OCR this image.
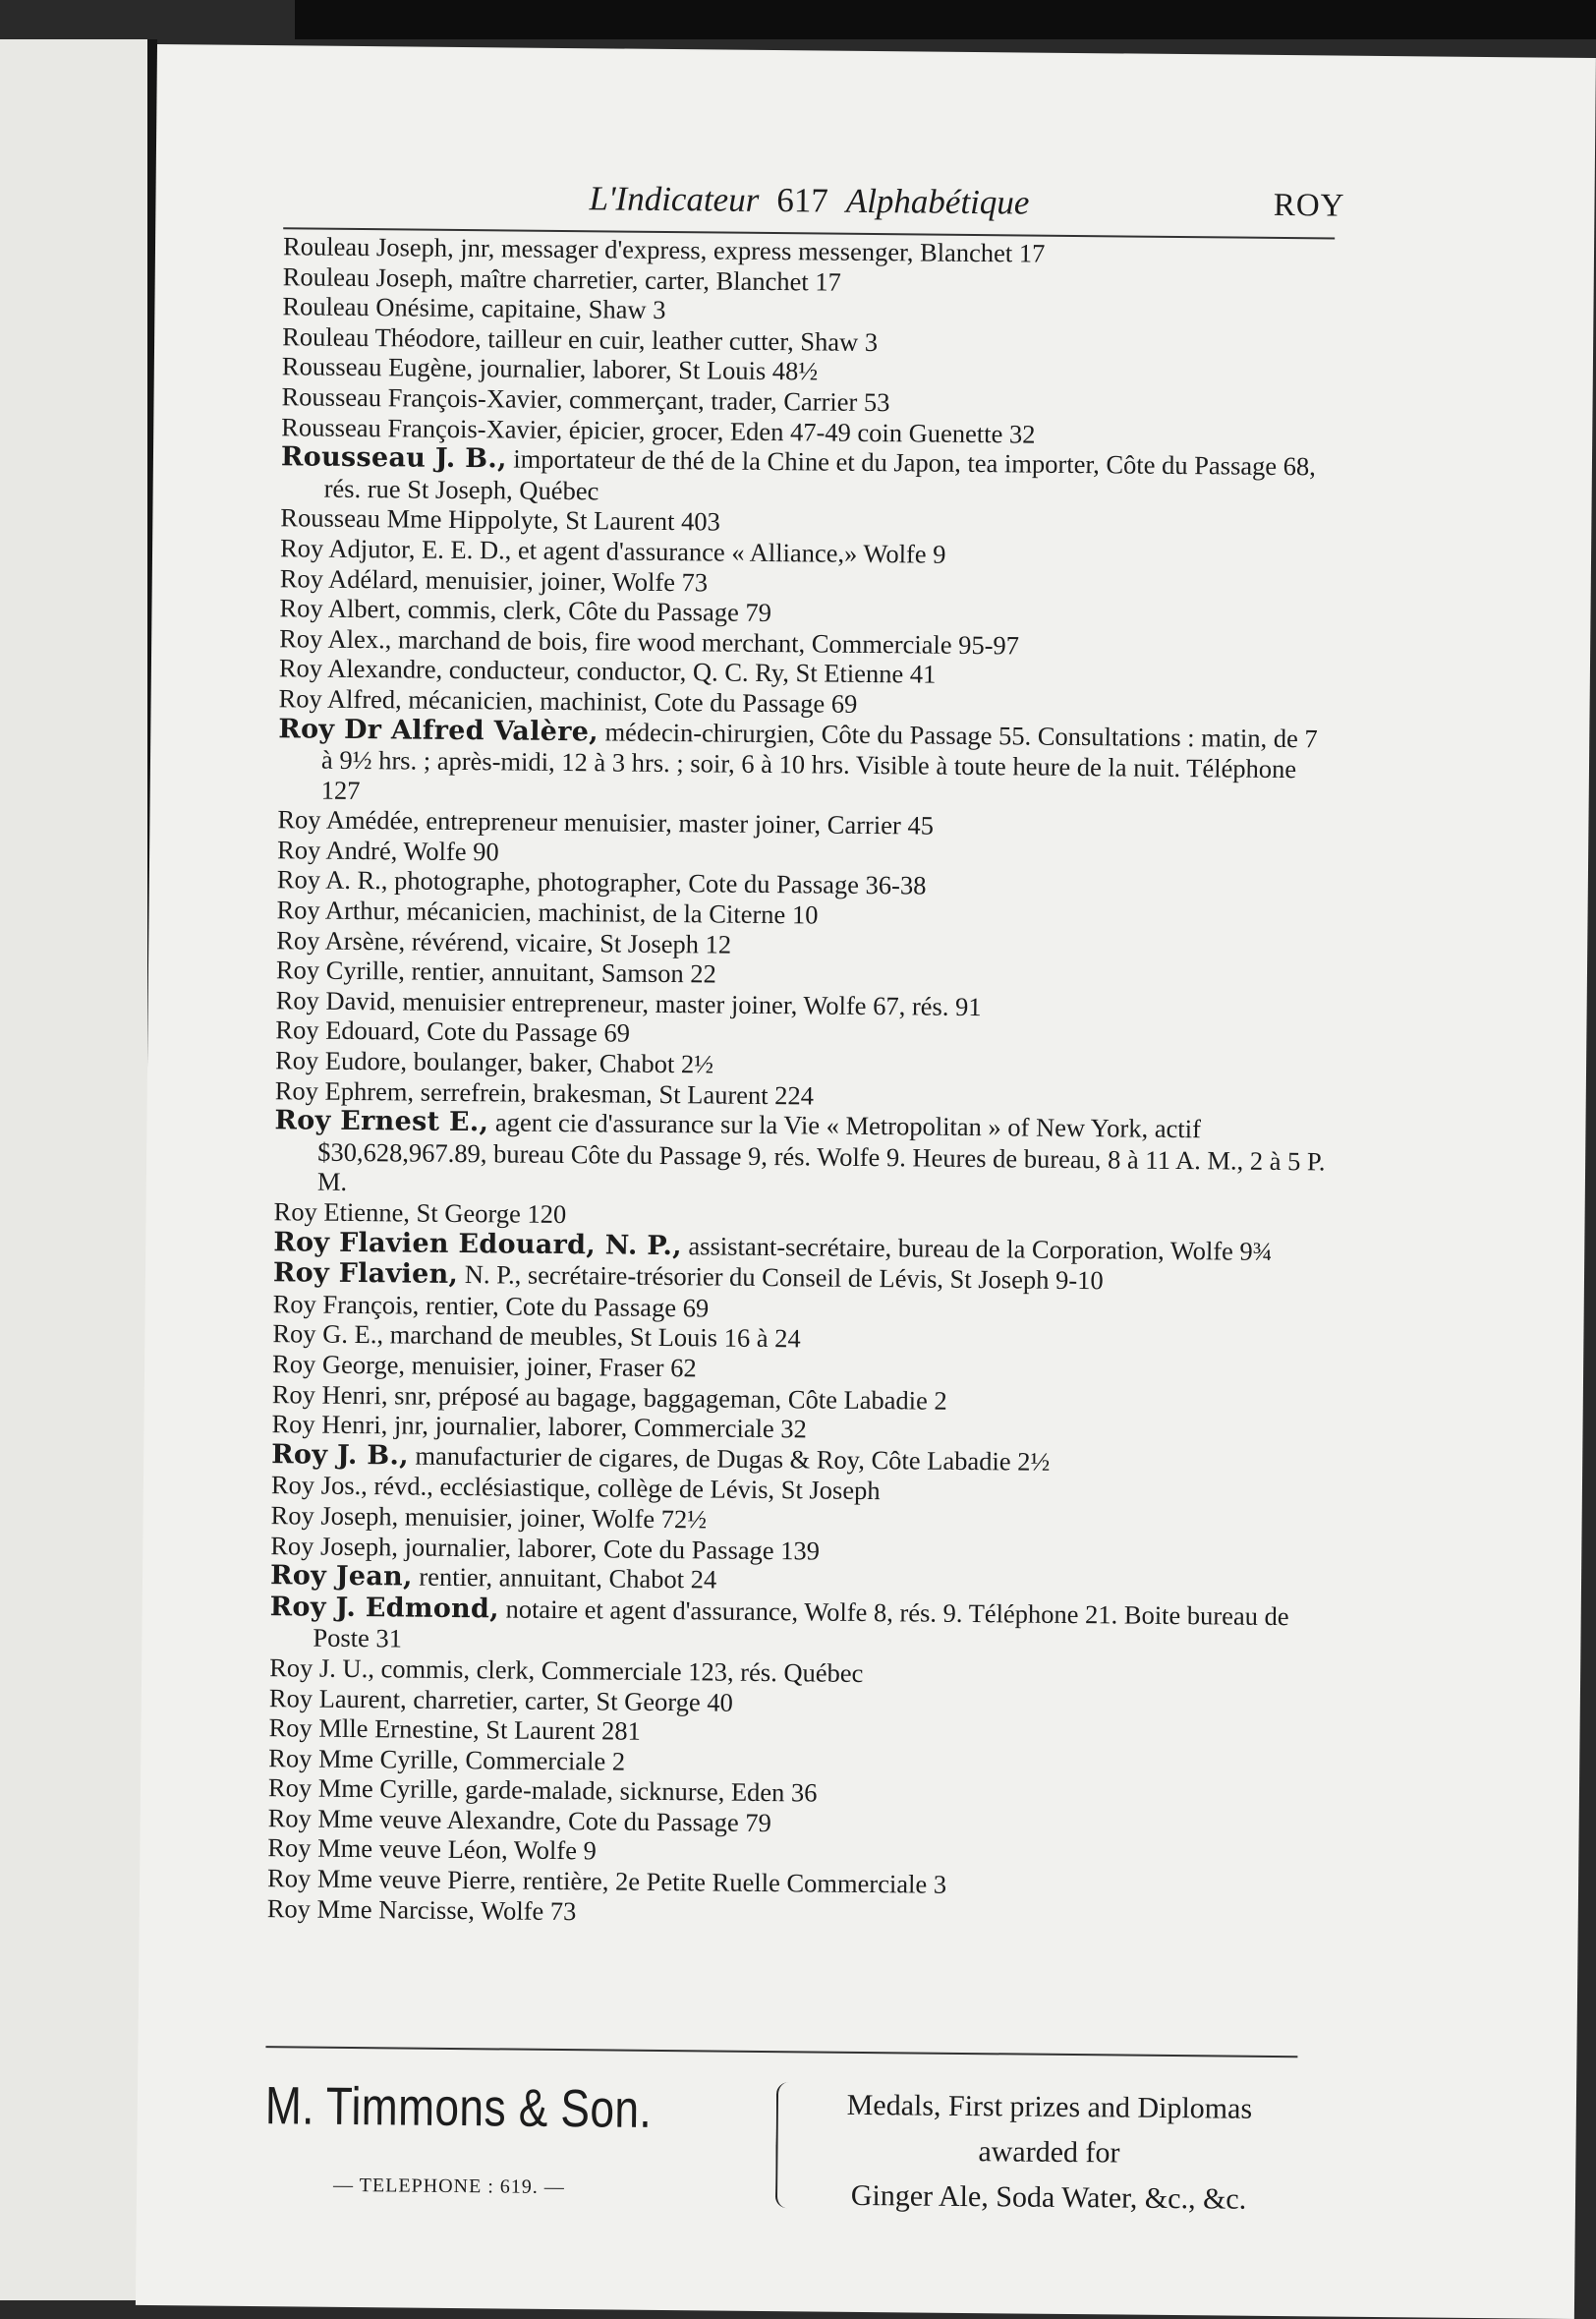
L'Indicateur 617 Alphabétique	ROY
Rouleau Joseph, jnr, messager d'express, express messenger, Blanchet 17
Rouleau Joseph, maître charretier, carter, Blanchet 17
Rouleau Onésime, capitaine, Shaw 3
Rouleau Théodore, tailleur en cuir, leather cutter, Shaw 3
Rousseau Eugène, journalier, laborer, St Louis 48½
Rousseau François-Xavier, commerçant, trader, Carrier 53
Rousseau François-Xavier, épicier, grocer, Eden 47-49 coin Guenette 32
Rousseau J. B., importateur de thé de la Chine et du Japon, tea importer, Côte du Passage 68, rés. rue St Joseph, Québec
Rousseau Mme Hippolyte, St Laurent 403
Roy Adjutor, E. E. D., et agent d'assurance « Alliance,» Wolfe 9
Roy Adélard, menuisier, joiner, Wolfe 73
Roy Albert, commis, clerk, Côte du Passage 79
Roy Alex., marchand de bois, fire wood merchant, Commerciale 95-97
Roy Alexandre, conducteur, conductor, Q. C. Ry, St Etienne 41
Roy Alfred, mécanicien, machinist, Cote du Passage 69
Roy Dr Alfred Valère, médecin-chirurgien, Côte du Passage 55. Consultations : matin, de 7 à 9½ hrs. ; après-midi, 12 à 3 hrs. ; soir, 6 à 10 hrs. Visible à toute heure de la nuit. Téléphone 127
Roy Amédée, entrepreneur menuisier, master joiner, Carrier 45
Roy André, Wolfe 90
Roy A. R., photographe, photographer, Cote du Passage 36-38
Roy Arthur, mécanicien, machinist, de la Citerne 10
Roy Arsène, révérend, vicaire, St Joseph 12
Roy Cyrille, rentier, annuitant, Samson 22
Roy David, menuisier entrepreneur, master joiner, Wolfe 67, rés. 91
Roy Edouard, Cote du Passage 69
Roy Eudore, boulanger, baker, Chabot 2½
Roy Ephrem, serrefrein, brakesman, St Laurent 224
Roy Ernest E., agent cie d'assurance sur la Vie « Metropolitan » of New York, actif $30,628,967.89, bureau Côte du Passage 9, rés. Wolfe 9. Heures de bureau, 8 à 11 A. M., 2 à 5 P. M.
Roy Etienne, St George 120
Roy Flavien Edouard, N. P., assistant-secrétaire, bureau de la Corporation, Wolfe 9¾
Roy Flavien, N. P., secrétaire-trésorier du Conseil de Lévis, St Joseph 9-10
Roy François, rentier, Cote du Passage 69
Roy G. E., marchand de meubles, St Louis 16 à 24
Roy George, menuisier, joiner, Fraser 62
Roy Henri, snr, préposé au bagage, baggageman, Côte Labadie 2
Roy Henri, jnr, journalier, laborer, Commerciale 32
Roy J. B., manufacturier de cigares, de Dugas & Roy, Côte Labadie 2½
Roy Jos., révd., ecclésiastique, collège de Lévis, St Joseph
Roy Joseph, menuisier, joiner, Wolfe 72½
Roy Joseph, journalier, laborer, Cote du Passage 139
Roy Jean, rentier, annuitant, Chabot 24
Roy J. Edmond, notaire et agent d'assurance, Wolfe 8, rés. 9. Téléphone 21. Boite bureau de Poste 31
Roy J. U., commis, clerk, Commerciale 123, rés. Québec
Roy Laurent, charretier, carter, St George 40
Roy Mlle Ernestine, St Laurent 281
Roy Mme Cyrille, Commerciale 2
Roy Mme Cyrille, garde-malade, sicknurse, Eden 36
Roy Mme veuve Alexandre, Cote du Passage 79
Roy Mme veuve Léon, Wolfe 9
Roy Mme veuve Pierre, rentière, 2e Petite Ruelle Commerciale 3
Roy Mme Narcisse, Wolfe 73
M. Timmons & Son.
— TELEPHONE : 619. —
Medals, First prizes and Diplomas
awarded for
Ginger Ale, Soda Water, &c., &c.
